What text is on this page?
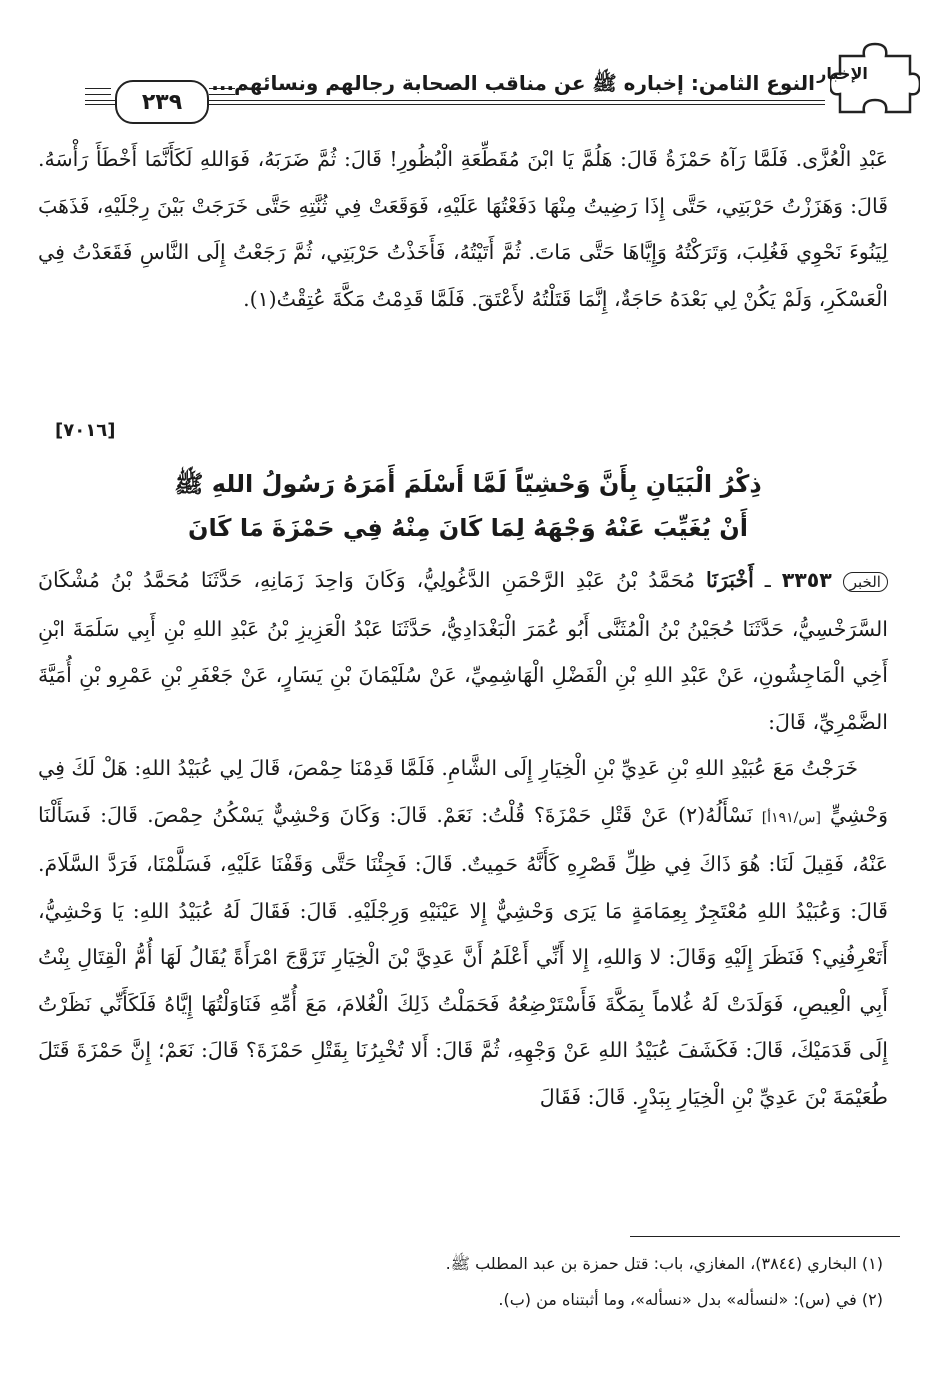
٢٣٩
النوع الثامن: إخباره ﷺ عن مناقب الصحابة رجالهم ونسائهم... الإخبار

عَبْدِ الْعُزَّى. فَلَمَّا رَآهُ حَمْزَةُ قَالَ: هَلُمَّ يَا ابْنَ مُقَطِّعَةِ الْبُظُورِ! قَالَ: ثُمَّ ضَرَبَهُ، فَوَاللهِ لَكَأَنَّمَا أَخْطَأَ رَأْسَهُ. قَالَ: وَهَزَزْتُ حَرْبَتِي، حَتَّى إِذَا رَضِيتُ مِنْهَا دَفَعْتُهَا عَلَيْهِ، فَوَقَعَتْ فِي ثُنَّتِهِ حَتَّى خَرَجَتْ بَيْنَ رِجْلَيْهِ، فَذَهَبَ لِيَنُوءَ نَحْوِي فَغُلِبَ، وَتَرَكْتُهُ وَإِيَّاهَا حَتَّى مَاتَ. ثُمَّ أَتَيْتُهُ، فَأَخَذْتُ حَرْبَتِي، ثُمَّ رَجَعْتُ إِلَى النَّاسِ فَقَعَدْتُ فِي الْعَسْكَرِ، وَلَمْ يَكُنْ لِي بَعْدَهُ حَاجَةٌ، إِنَّمَا قَتَلْتُهُ لأَعْتَقَ. فَلَمَّا قَدِمْتُ مَكَّةَ عُتِقْتُ(١).

[٧٠١٦]
ذِكْرُ الْبَيَانِ بِأَنَّ وَحْشِيّاً لَمَّا أَسْلَمَ أَمَرَهُ رَسُولُ اللهِ ﷺ
أَنْ يُغَيِّبَ عَنْهُ وَجْهَهُ لِمَا كَانَ مِنْهُ فِي حَمْزَةَ مَا كَانَ

الخبر ٣٣٥٣ ـ أَخْبَرَنَا مُحَمَّدُ بْنُ عَبْدِ الرَّحْمَنِ الدَّغُولِيُّ، وَكَانَ وَاحِدَ زَمَانِهِ، حَدَّثَنَا مُحَمَّدُ بْنُ مُشْكَانَ السَّرَخْسِيُّ، حَدَّثَنَا حُجَيْنُ بْنُ الْمُثَنَّى أَبُو عُمَرَ الْبَغْدَادِيُّ، حَدَّثَنَا عَبْدُ الْعَزِيزِ بْنُ عَبْدِ اللهِ بْنِ أَبِي سَلَمَةَ ابْنِ أَخِي الْمَاجِشُونِ، عَنْ عَبْدِ اللهِ بْنِ الْفَضْلِ الْهَاشِمِيِّ، عَنْ سُلَيْمَانَ بْنِ يَسَارٍ، عَنْ جَعْفَرِ بْنِ عَمْرِو بْنِ أُمَيَّةَ الضَّمْرِيِّ، قَالَ:

خَرَجْتُ مَعَ عُبَيْدِ اللهِ بْنِ عَدِيِّ بْنِ الْخِيَارِ إِلَى الشَّامِ. فَلَمَّا قَدِمْنَا حِمْصَ، قَالَ لِي عُبَيْدُ اللهِ: هَلْ لَكَ فِي وَحْشِيٍّ [س/١٩١أ] نَسْأَلُهُ(٢) عَنْ قَتْلِ حَمْزَةَ؟ قُلْتُ: نَعَمْ. قَالَ: وَكَانَ وَحْشِيٌّ يَسْكُنُ حِمْصَ. قَالَ: فَسَأَلْنَا عَنْهُ، فَقِيلَ لَنَا: هُوَ ذَاكَ فِي ظِلِّ قَصْرِهِ كَأَنَّهُ حَمِيتٌ. قَالَ: فَجِئْنَا حَتَّى وَقَفْنَا عَلَيْهِ، فَسَلَّمْنَا، فَرَدَّ السَّلَامَ. قَالَ: وَعُبَيْدُ اللهِ مُعْتَجِرٌ بِعِمَامَةٍ مَا يَرَى وَحْشِيٌّ إِلا عَيْنَيْهِ وَرِجْلَيْهِ. قَالَ: فَقَالَ لَهُ عُبَيْدُ اللهِ: يَا وَحْشِيُّ، أَتَعْرِفُنِي؟ فَنَظَرَ إِلَيْهِ وَقَالَ: لا وَاللهِ، إِلا أَنِّي أَعْلَمُ أَنَّ عَدِيَّ بْنَ الْخِيَارِ تَزَوَّجَ امْرَأَةً يُقَالُ لَهَا أُمُّ الْقِتَالِ بِنْتُ أَبِي الْعِيصِ، فَوَلَدَتْ لَهُ غُلاماً بِمَكَّةَ فَأَسْتَرْضِعُهُ فَحَمَلْتُ ذَلِكَ الْغُلامَ، مَعَ أُمِّهِ فَنَاوَلْتُهَا إِيَّاهُ فَلَكَأَنِّي نَظَرْتُ إِلَى قَدَمَيْكَ، قَالَ: فَكَشَفَ عُبَيْدُ اللهِ عَنْ وَجْهِهِ، ثُمَّ قَالَ: أَلا تُخْبِرُنَا بِقَتْلِ حَمْزَةَ؟ قَالَ: نَعَمْ؛ إِنَّ حَمْزَةَ قَتَلَ طُعَيْمَةَ بْنَ عَدِيِّ بْنِ الْخِيَارِ بِبَدْرٍ. قَالَ: فَقَالَ

(١) البخاري (٣٨٤٤)، المغازي، باب: قتل حمزة بن عبد المطلب ﷺ.

(٢) في (س): «لنسأله» بدل «نسأله»، وما أثبتناه من (ب).
